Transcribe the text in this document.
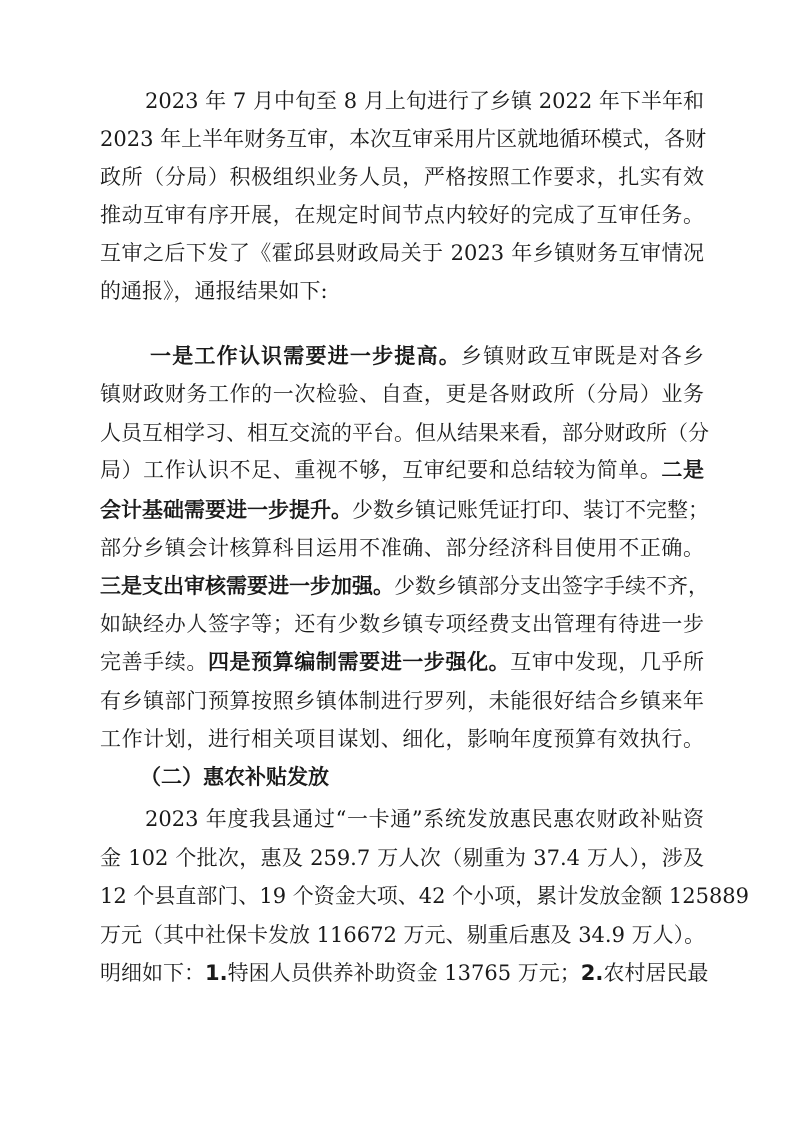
2023 年 7 月中旬至 8 月上旬进行了乡镇 2022 年下半年和
2023 年上半年财务互审，本次互审采用片区就地循环模式，各财
政所（分局）积极组织业务人员，严格按照工作要求，扎实有效
推动互审有序开展，在规定时间节点内较好的完成了互审任务。
互审之后下发了《霍邱县财政局关于 2023 年乡镇财务互审情况
的通报》，通报结果如下:
一是工作认识需要进一步提高。乡镇财政互审既是对各乡
镇财政财务工作的一次检验、自查，更是各财政所（分局）业务
人员互相学习、相互交流的平台。但从结果来看，部分财政所（分
局）工作认识不足、重视不够，互审纪要和总结较为简单。二是
会计基础需要进一步提升。少数乡镇记账凭证打印、装订不完整；
部分乡镇会计核算科目运用不准确、部分经济科目使用不正确。
三是支出审核需要进一步加强。少数乡镇部分支出签字手续不齐，
如缺经办人签字等；还有少数乡镇专项经费支出管理有待进一步
完善手续。四是预算编制需要进一步强化。互审中发现，几乎所
有乡镇部门预算按照乡镇体制进行罗列，未能很好结合乡镇来年
工作计划，进行相关项目谋划、细化，影响年度预算有效执行。
（二）惠农补贴发放
2023 年度我县通过“一卡通”系统发放惠民惠农财政补贴资
金 102 个批次，惠及 259.7 万人次（剔重为 37.4 万人），涉及
12 个县直部门、19 个资金大项、42 个小项，累计发放金额 125889
万元（其中社保卡发放 116672 万元、剔重后惠及 34.9 万人）。
明细如下：1.特困人员供养补助资金 13765 万元；2.农村居民最
